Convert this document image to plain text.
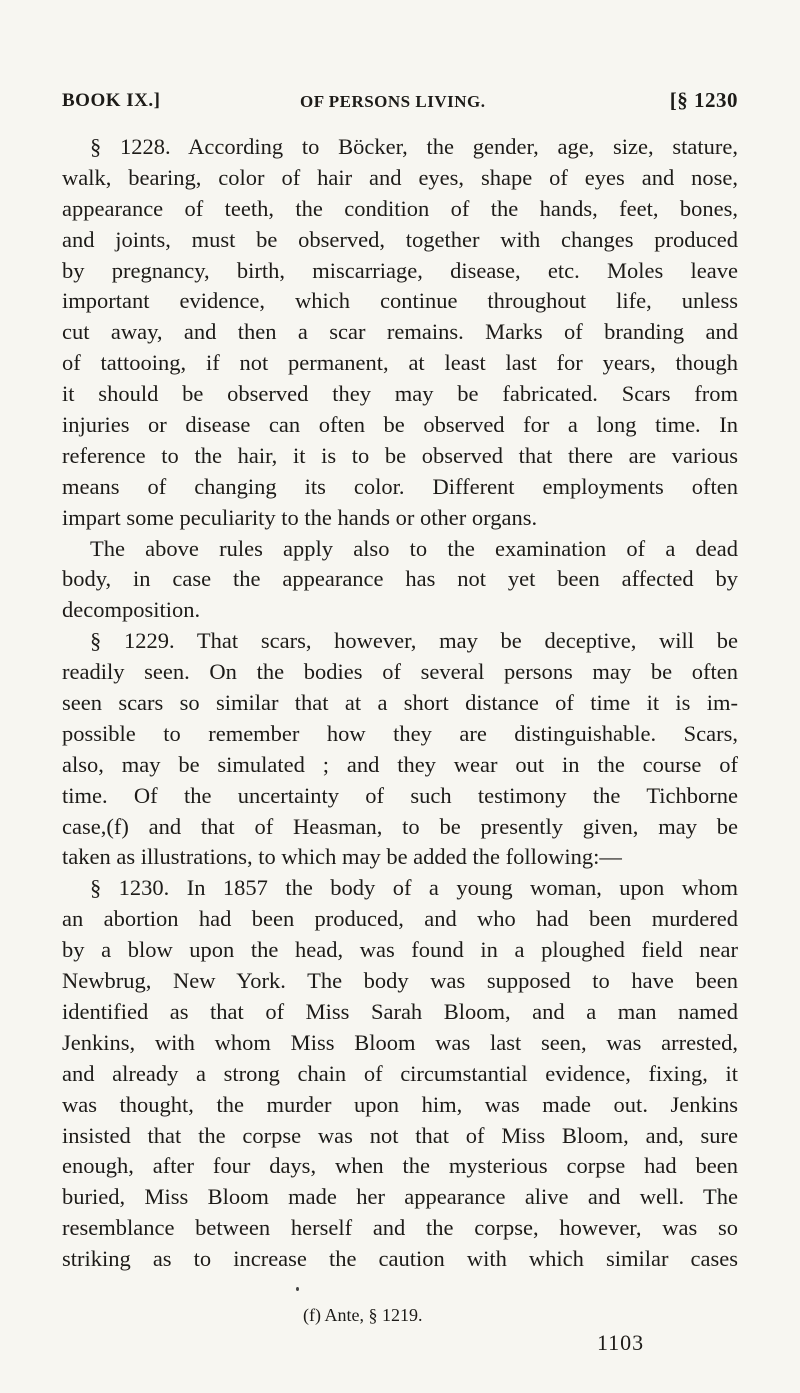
BOOK IX.]	OF PERSONS LIVING.	[§ 1230
§ 1228. According to Böcker, the gender, age, size, stature,
walk, bearing, color of hair and eyes, shape of eyes and nose,
appearance of teeth, the condition of the hands, feet, bones,
and joints, must be observed, together with changes produced
by pregnancy, birth, miscarriage, disease, etc. Moles leave
important evidence, which continue throughout life, unless
cut away, and then a scar remains. Marks of branding and
of tattooing, if not permanent, at least last for years, though
it should be observed they may be fabricated. Scars from
injuries or disease can often be observed for a long time. In
reference to the hair, it is to be observed that there are various
means of changing its color. Different employments often
impart some peculiarity to the hands or other organs.
The above rules apply also to the examination of a dead
body, in case the appearance has not yet been affected by
decomposition.
§ 1229. That scars, however, may be deceptive, will be
readily seen. On the bodies of several persons may be often
seen scars so similar that at a short distance of time it is im-
possible to remember how they are distinguishable. Scars,
also, may be simulated ; and they wear out in the course of
time. Of the uncertainty of such testimony the Tichborne
case,(f) and that of Heasman, to be presently given, may be
taken as illustrations, to which may be added the following:—
§ 1230. In 1857 the body of a young woman, upon whom
an abortion had been produced, and who had been murdered
by a blow upon the head, was found in a ploughed field near
Newbrug, New York. The body was supposed to have been
identified as that of Miss Sarah Bloom, and a man named
Jenkins, with whom Miss Bloom was last seen, was arrested,
and already a strong chain of circumstantial evidence, fixing, it
was thought, the murder upon him, was made out. Jenkins
insisted that the corpse was not that of Miss Bloom, and, sure
enough, after four days, when the mysterious corpse had been
buried, Miss Bloom made her appearance alive and well. The
resemblance between herself and the corpse, however, was so
striking as to increase the caution with which similar cases
(f) Ante, § 1219.
1103
